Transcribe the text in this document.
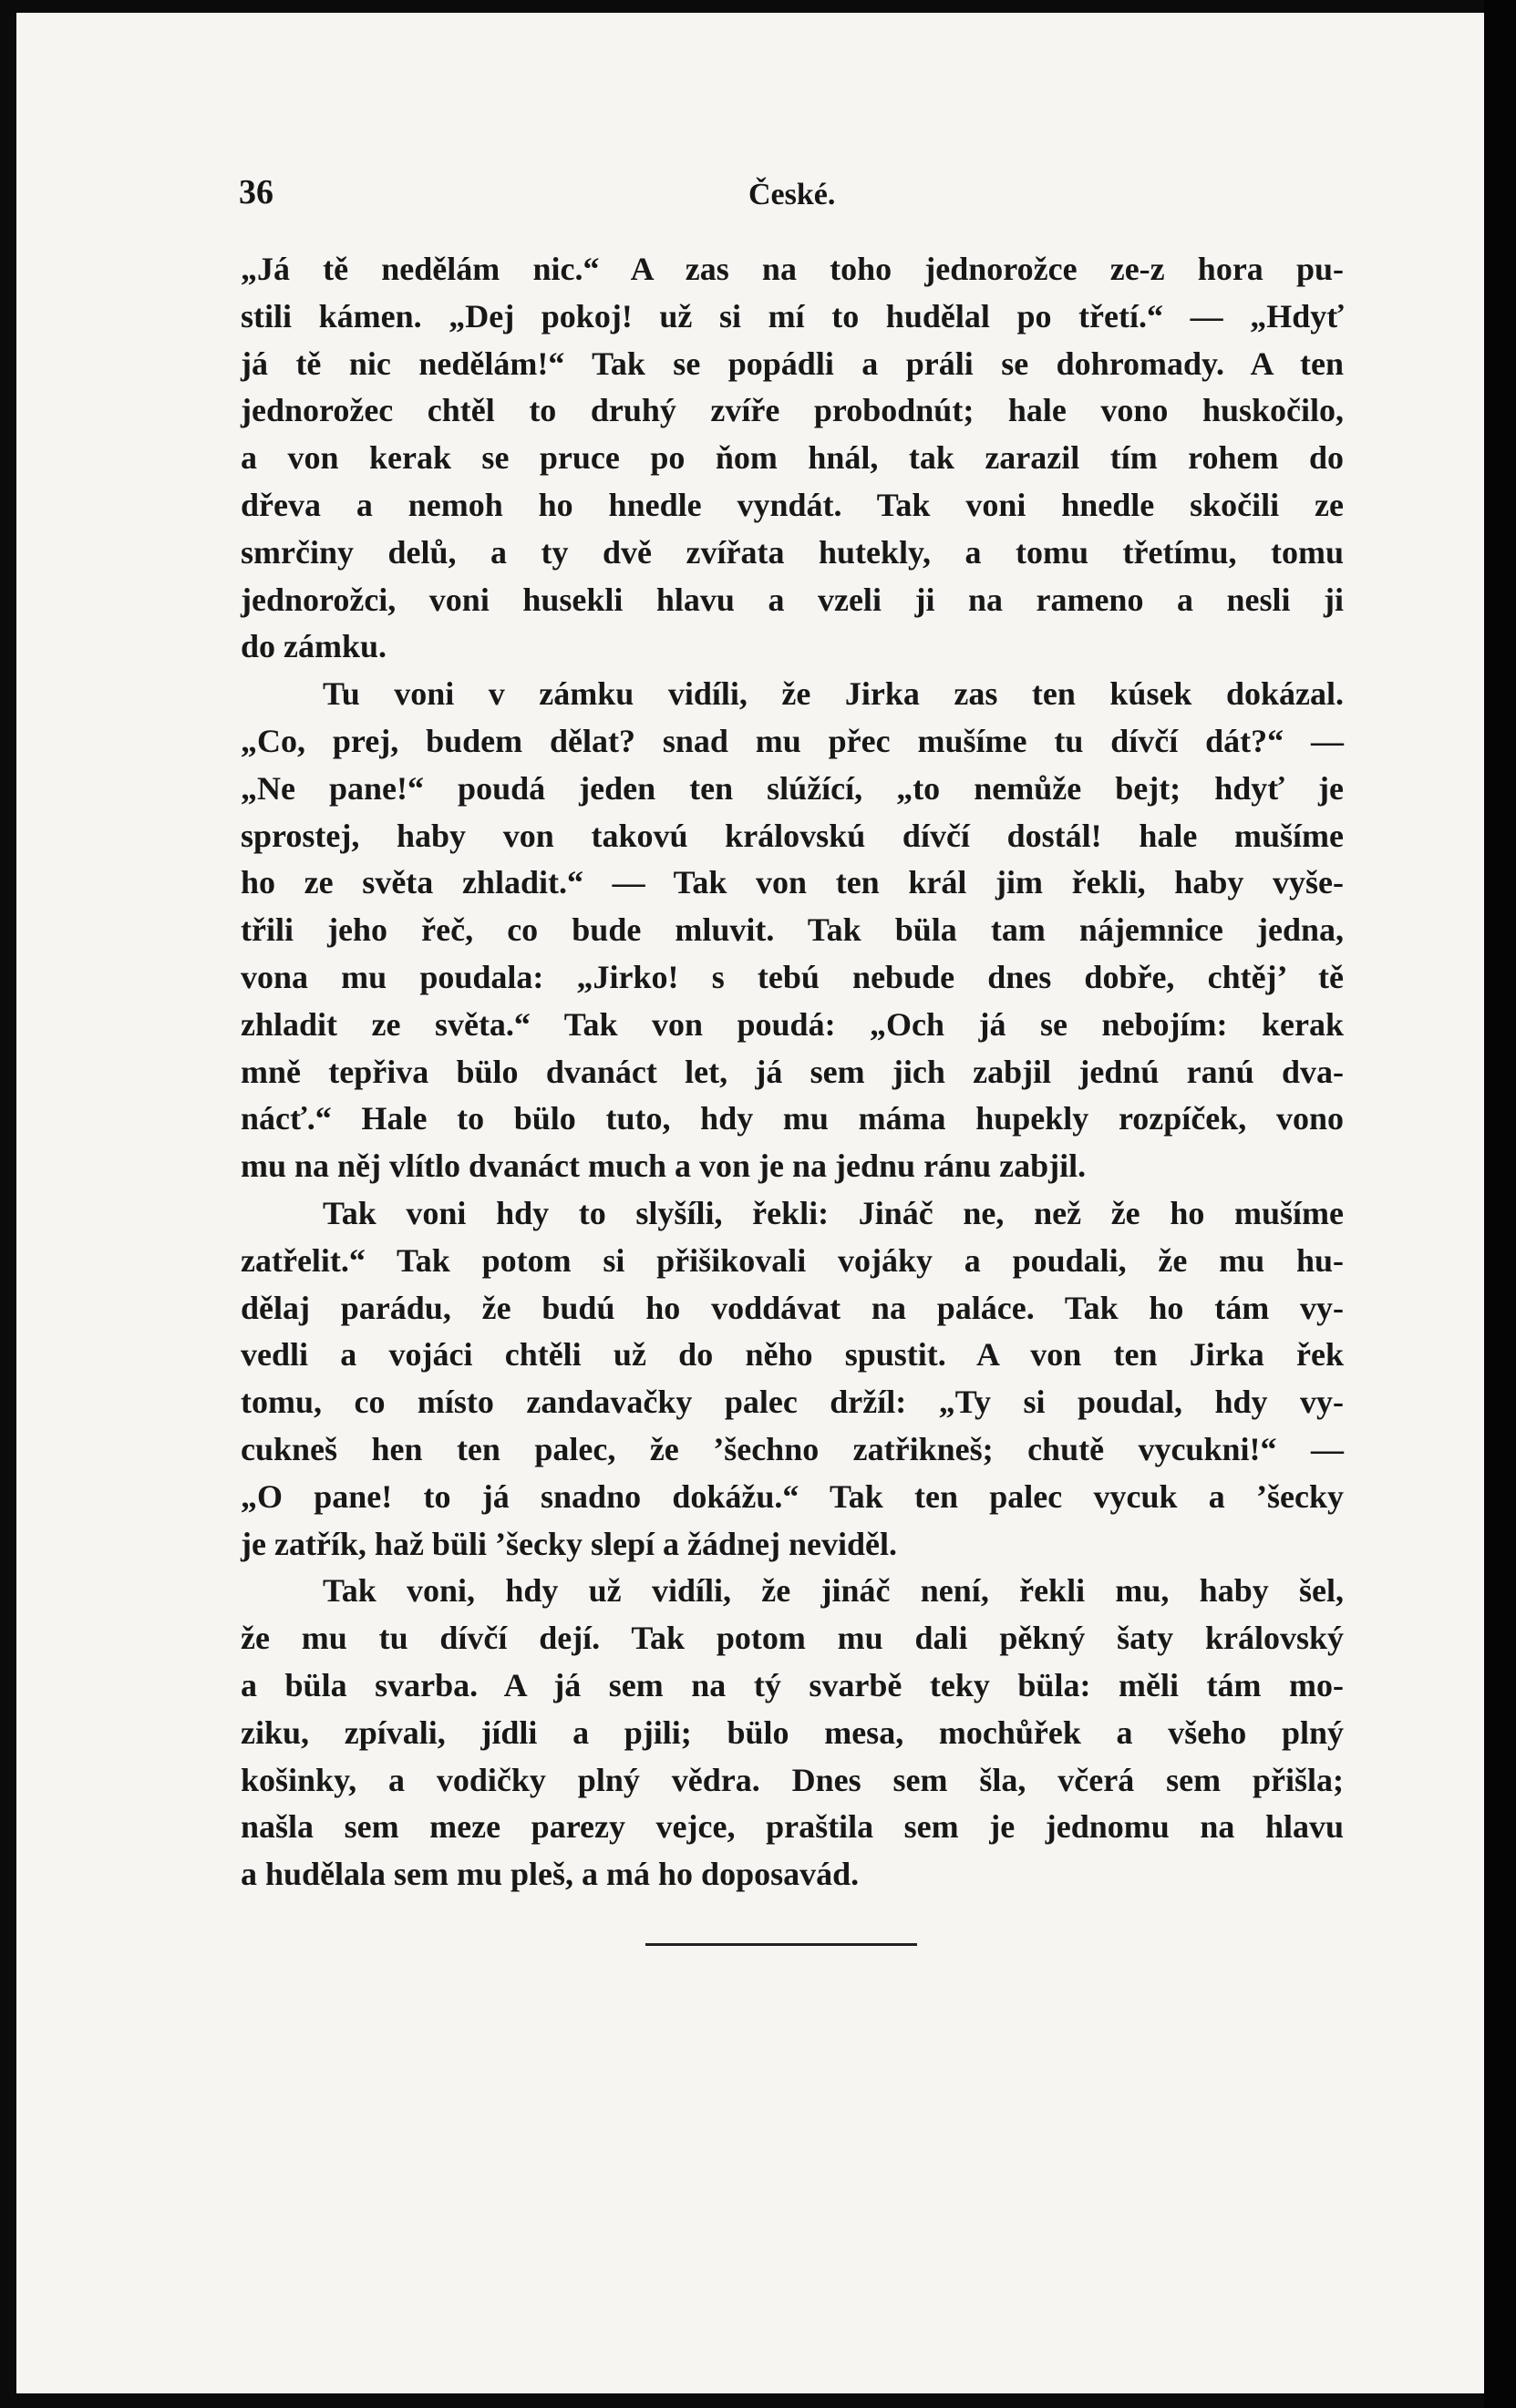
36	České.
„Já tě nedělám nic.“ A zas na toho jednorožce ze-z hora pu-
stili kámen. „Dej pokoj! už si mí to hudělal po třetí.“ — „Hdyť
já tě nic nedělám!“ Tak se popádli a práli se dohromady. A ten
jednorožec chtěl to druhý zvíře probodnút; hale vono huskočilo,
a von kerak se pruce po ňom hnál, tak zarazil tím rohem do
dřeva a nemoh ho hnedle vyndát. Tak voni hnedle skočili ze
smrčiny delů, a ty dvě zvířata hutekly, a tomu třetímu, tomu
jednorožci, voni husekli hlavu a vzeli ji na rameno a nesli ji
do zámku.
Tu voni v zámku vidíli, že Jirka zas ten kúsek dokázal.
„Co, prej, budem dělat? snad mu přec mušíme tu dívčí dát?“ —
„Ne pane!“ poudá jeden ten slúžící, „to nemůže bejt; hdyť je
sprostej, haby von takovú královskú dívčí dostál! hale mušíme
ho ze světa zhladit.“ — Tak von ten král jim řekli, haby vyše-
třili jeho řeč, co bude mluvit. Tak büla tam nájemnice jedna,
vona mu poudala: „Jirko! s tebú nebude dnes dobře, chtěj’ tě
zhladit ze světa.“ Tak von poudá: „Och já se nebojím: kerak
mně tepřiva bülo dvanáct let, já sem jich zabjil jednú ranú dva-
nácť.“ Hale to bülo tuto, hdy mu máma hupekly rozpíček, vono
mu na něj vlítlo dvanáct much a von je na jednu ránu zabjil.
Tak voni hdy to slyšíli, řekli: Jináč ne, než že ho mušíme
zatřelit.“ Tak potom si přišikovali vojáky a poudali, že mu hu-
dělaj parádu, že budú ho voddávat na paláce. Tak ho tám vy-
vedli a vojáci chtěli už do něho spustit. A von ten Jirka řek
tomu, co místo zandavačky palec držíl: „Ty si poudal, hdy vy-
cukneš hen ten palec, že ’šechno zatřikneš; chutě vycukni!“ —
„O pane! to já snadno dokážu.“ Tak ten palec vycuk a ’šecky
je zatřík, haž büli ’šecky slepí a žádnej neviděl.
Tak voni, hdy už vidíli, že jináč není, řekli mu, haby šel,
že mu tu dívčí dejí. Tak potom mu dali pěkný šaty královský
a büla svarba. A já sem na tý svarbě teky büla: měli tám mo-
ziku, zpívali, jídli a pjili; bülo mesa, mochůřek a všeho plný
košinky, a vodičky plný vědra. Dnes sem šla, včerá sem přišla;
našla sem meze parezy vejce, praštila sem je jednomu na hlavu
a hudělala sem mu pleš, a má ho doposavád.
